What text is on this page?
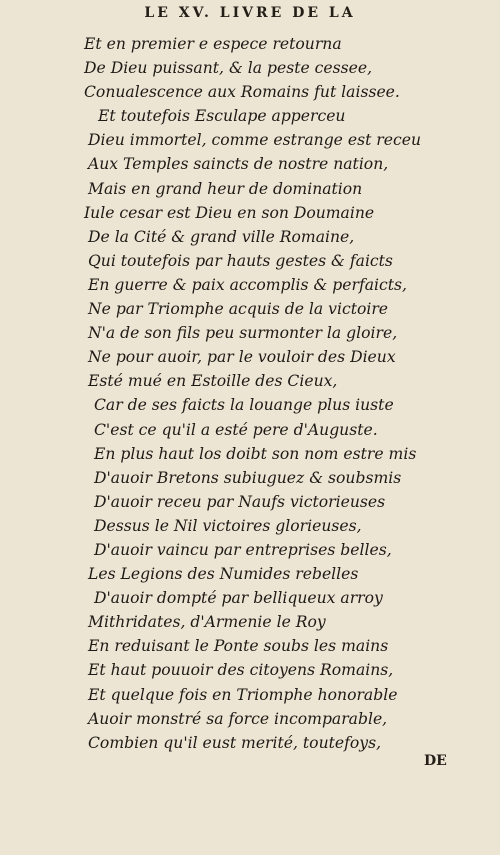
LE XV. LIVRE DE LA
Et en premier e espece retourna
De Dieu puissant, & la peste cessee,
Conualescence aux Romains fut laissee.
Et toutefois Esculape apperceu
Dieu immortel, comme estrange est receu
Aux Temples saincts de nostre nation,
Mais en grand heur de domination
Iule cesar est Dieu en son Doumaine
De la Cité & grand ville Romaine,
Qui toutefois par hauts gestes & faicts
En guerre & paix accomplis & perfaicts,
Ne par Triomphe acquis de la victoire
N'a de son fils peu surmonter la gloire,
Ne pour auoir, par le vouloir des Dieux
Esté mué en Estoille des Cieux,
Car de ses faicts la louange plus iuste
C'est ce qu'il a esté pere d'Auguste.
En plus haut los doibt son nom estre mis
D'auoir Bretons subiuguez & soubsmis
D'auoir receu par Naufs victorieuses
Dessus le Nil victoires glorieuses,
D'auoir vaincu par entreprises belles,
Les Legions des Numides rebelles
D'auoir dompté par belliqueux arroy
Mithridates, d'Armenie le Roy
En reduisant le Ponte soubs les mains
Et haut pouuoir des citoyens Romains,
Et quelque fois en Triomphe honorable
Auoir monstré sa force incomparable,
Combien qu'il eust merité, toutefoys,
DE
